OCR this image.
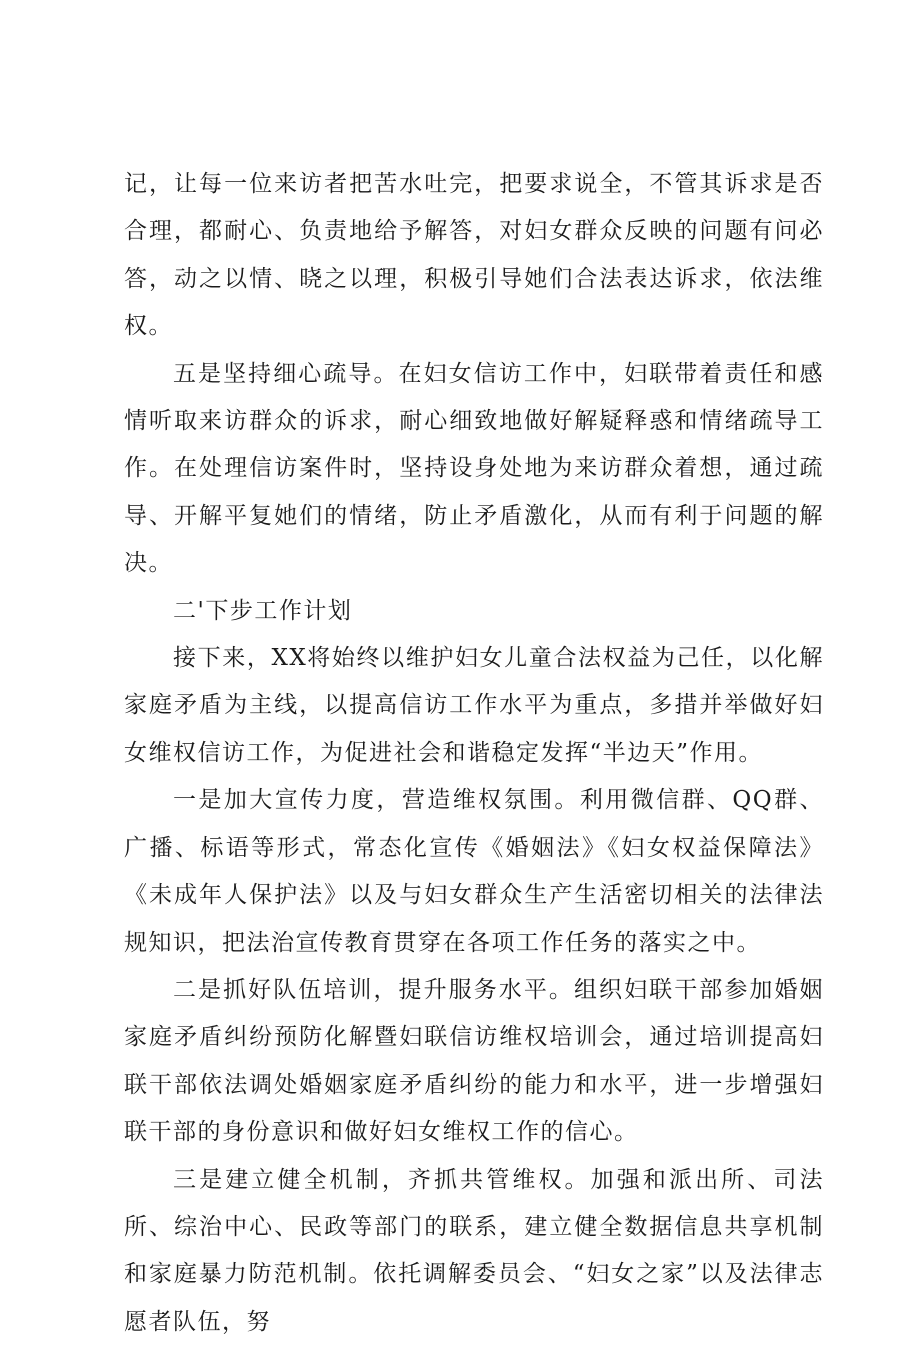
记，让每一位来访者把苦水吐完，把要求说全，不管其诉求是否合理，都耐心、负责地给予解答，对妇女群众反映的问题有问必答，动之以情、晓之以理，积极引导她们合法表达诉求，依法维权。

五是坚持细心疏导。在妇女信访工作中，妇联带着责任和感情听取来访群众的诉求，耐心细致地做好解疑释惑和情绪疏导工作。在处理信访案件时，坚持设身处地为来访群众着想，通过疏导、开解平复她们的情绪，防止矛盾激化，从而有利于问题的解决。

二'下步工作计划

接下来，XX将始终以维护妇女儿童合法权益为己任，以化解家庭矛盾为主线，以提高信访工作水平为重点，多措并举做好妇女维权信访工作，为促进社会和谐稳定发挥“半边天”作用。

一是加大宣传力度，营造维权氛围。利用微信群、QQ群、广播、标语等形式，常态化宣传《婚姻法》《妇女权益保障法》《未成年人保护法》以及与妇女群众生产生活密切相关的法律法规知识，把法治宣传教育贯穿在各项工作任务的落实之中。

二是抓好队伍培训，提升服务水平。组织妇联干部参加婚姻家庭矛盾纠纷预防化解暨妇联信访维权培训会，通过培训提高妇联干部依法调处婚姻家庭矛盾纠纷的能力和水平，进一步增强妇联干部的身份意识和做好妇女维权工作的信心。

三是建立健全机制，齐抓共管维权。加强和派出所、司法所、综治中心、民政等部门的联系，建立健全数据信息共享机制和家庭暴力防范机制。依托调解委员会、“妇女之家”以及法律志愿者队伍，努
